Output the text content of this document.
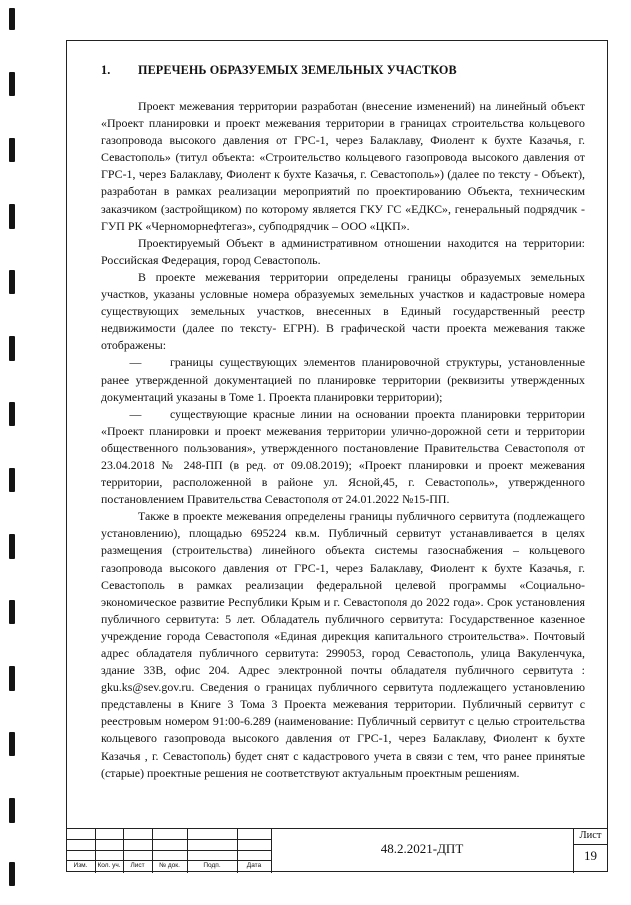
1. ПЕРЕЧЕНЬ ОБРАЗУЕМЫХ ЗЕМЕЛЬНЫХ УЧАСТКОВ

Проект межевания территории разработан (внесение изменений) на линейный объект «Проект планировки и проект межевания территории в границах строительства кольцевого газопровода высокого давления от ГРС-1, через Балаклаву, Фиолент к бухте Казачья, г. Севастополь» (титул объекта: «Строительство кольцевого газопровода высокого давления от ГРС-1, через Балаклаву, Фиолент к бухте Казачья, г. Севастополь») (далее по тексту - Объект), разработан в рамках реализации мероприятий по проектированию Объекта, техническим заказчиком (застройщиком) по которому является ГКУ ГС «ЕДКС», генеральный подрядчик - ГУП РК «Черноморнефтегаз», субподрядчик – ООО «ЦКП».

Проектируемый Объект в административном отношении находится на территории: Российская Федерация, город Севастополь.

В проекте межевания территории определены границы образуемых земельных участков, указаны условные номера образуемых земельных участков и кадастровые номера существующих земельных участков, внесенных в Единый государственный реестр недвижимости (далее по тексту- ЕГРН). В графической части проекта межевания также отображены:

— границы существующих элементов планировочной структуры, установленные ранее утвержденной документацией по планировке территории (реквизиты утвержденных документаций указаны в Томе 1. Проекта планировки территории);

— существующие красные линии на основании проекта планировки территории «Проект планировки и проект межевания территории улично-дорожной сети и территории общественного пользования», утвержденного постановление Правительства Севастополя от 23.04.2018 № 248-ПП (в ред. от 09.08.2019); «Проект планировки и проект межевания территории, расположенной в районе ул. Ясной,45, г. Севастополь», утвержденного постановлением Правительства Севастополя от 24.01.2022 №15-ПП.

Также в проекте межевания определены границы публичного сервитута (подлежащего установлению), площадью 695224 кв.м. Публичный сервитут устанавливается в целях размещения (строительства) линейного объекта системы газоснабжения – кольцевого газопровода высокого давления от ГРС-1, через Балаклаву, Фиолент к бухте Казачья, г. Севастополь в рамках реализации федеральной целевой программы «Социально-экономическое развитие Республики Крым и г. Севастополя до 2022 года». Срок установления публичного сервитута: 5 лет. Обладатель публичного сервитута: Государственное казенное учреждение города Севастополя «Единая дирекция капитального строительства». Почтовый адрес обладателя публичного сервитута: 299053, город Севастополь, улица Вакуленчука, здание 33В, офис 204. Адрес электронной почты обладателя публичного сервитута : gku.ks@sev.gov.ru. Сведения о границах публичного сервитута подлежащего установлению представлены в Книге 3 Тома 3 Проекта межевания территории. Публичный сервитут с реестровым номером 91:00-6.289 (наименование: Публичный сервитут с целью строительства кольцевого газопровода высокого давления от ГРС-1, через Балаклаву, Фиолент к бухте Казачья , г. Севастополь) будет снят с кадастрового учета в связи с тем, что ранее принятые (старые) проектные решения не соответствуют актуальным проектным решениям.

Изм.	Кол. уч.	Лист	№ док.	Подп.	Дата
48.2.2021-ДПТ
Лист
19
